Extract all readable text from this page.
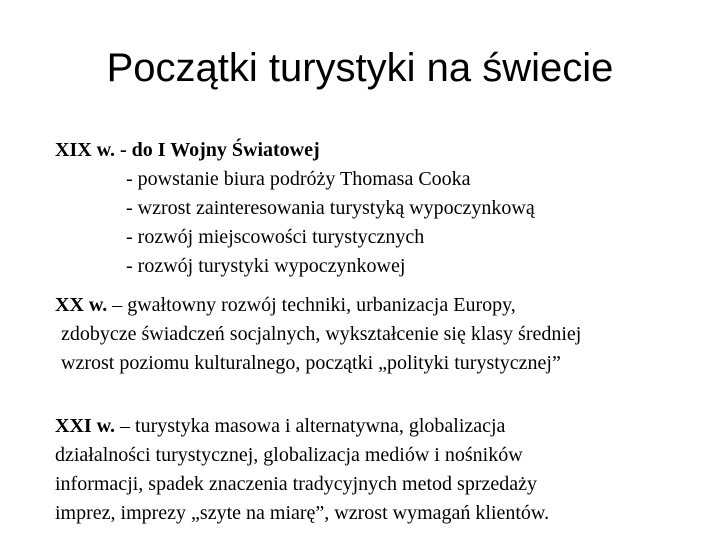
Początki turystyki na świecie
XIX w. - do I Wojny Światowej
- powstanie biura podróży Thomasa Cooka
- wzrost zainteresowania turystyką wypoczynkową
- rozwój miejscowości turystycznych
- rozwój turystyki wypoczynkowej
XX w. – gwałtowny rozwój techniki, urbanizacja Europy,
zdobycze świadczeń socjalnych, wykształcenie się klasy średniej
wzrost poziomu kulturalnego, początki „polityki turystycznej”
XXI w. – turystyka masowa i alternatywna, globalizacja
działalności turystycznej, globalizacja mediów i nośników
informacji, spadek znaczenia tradycyjnych metod sprzedaży
imprez, imprezy „szyte na miarę”, wzrost wymagań klientów.
